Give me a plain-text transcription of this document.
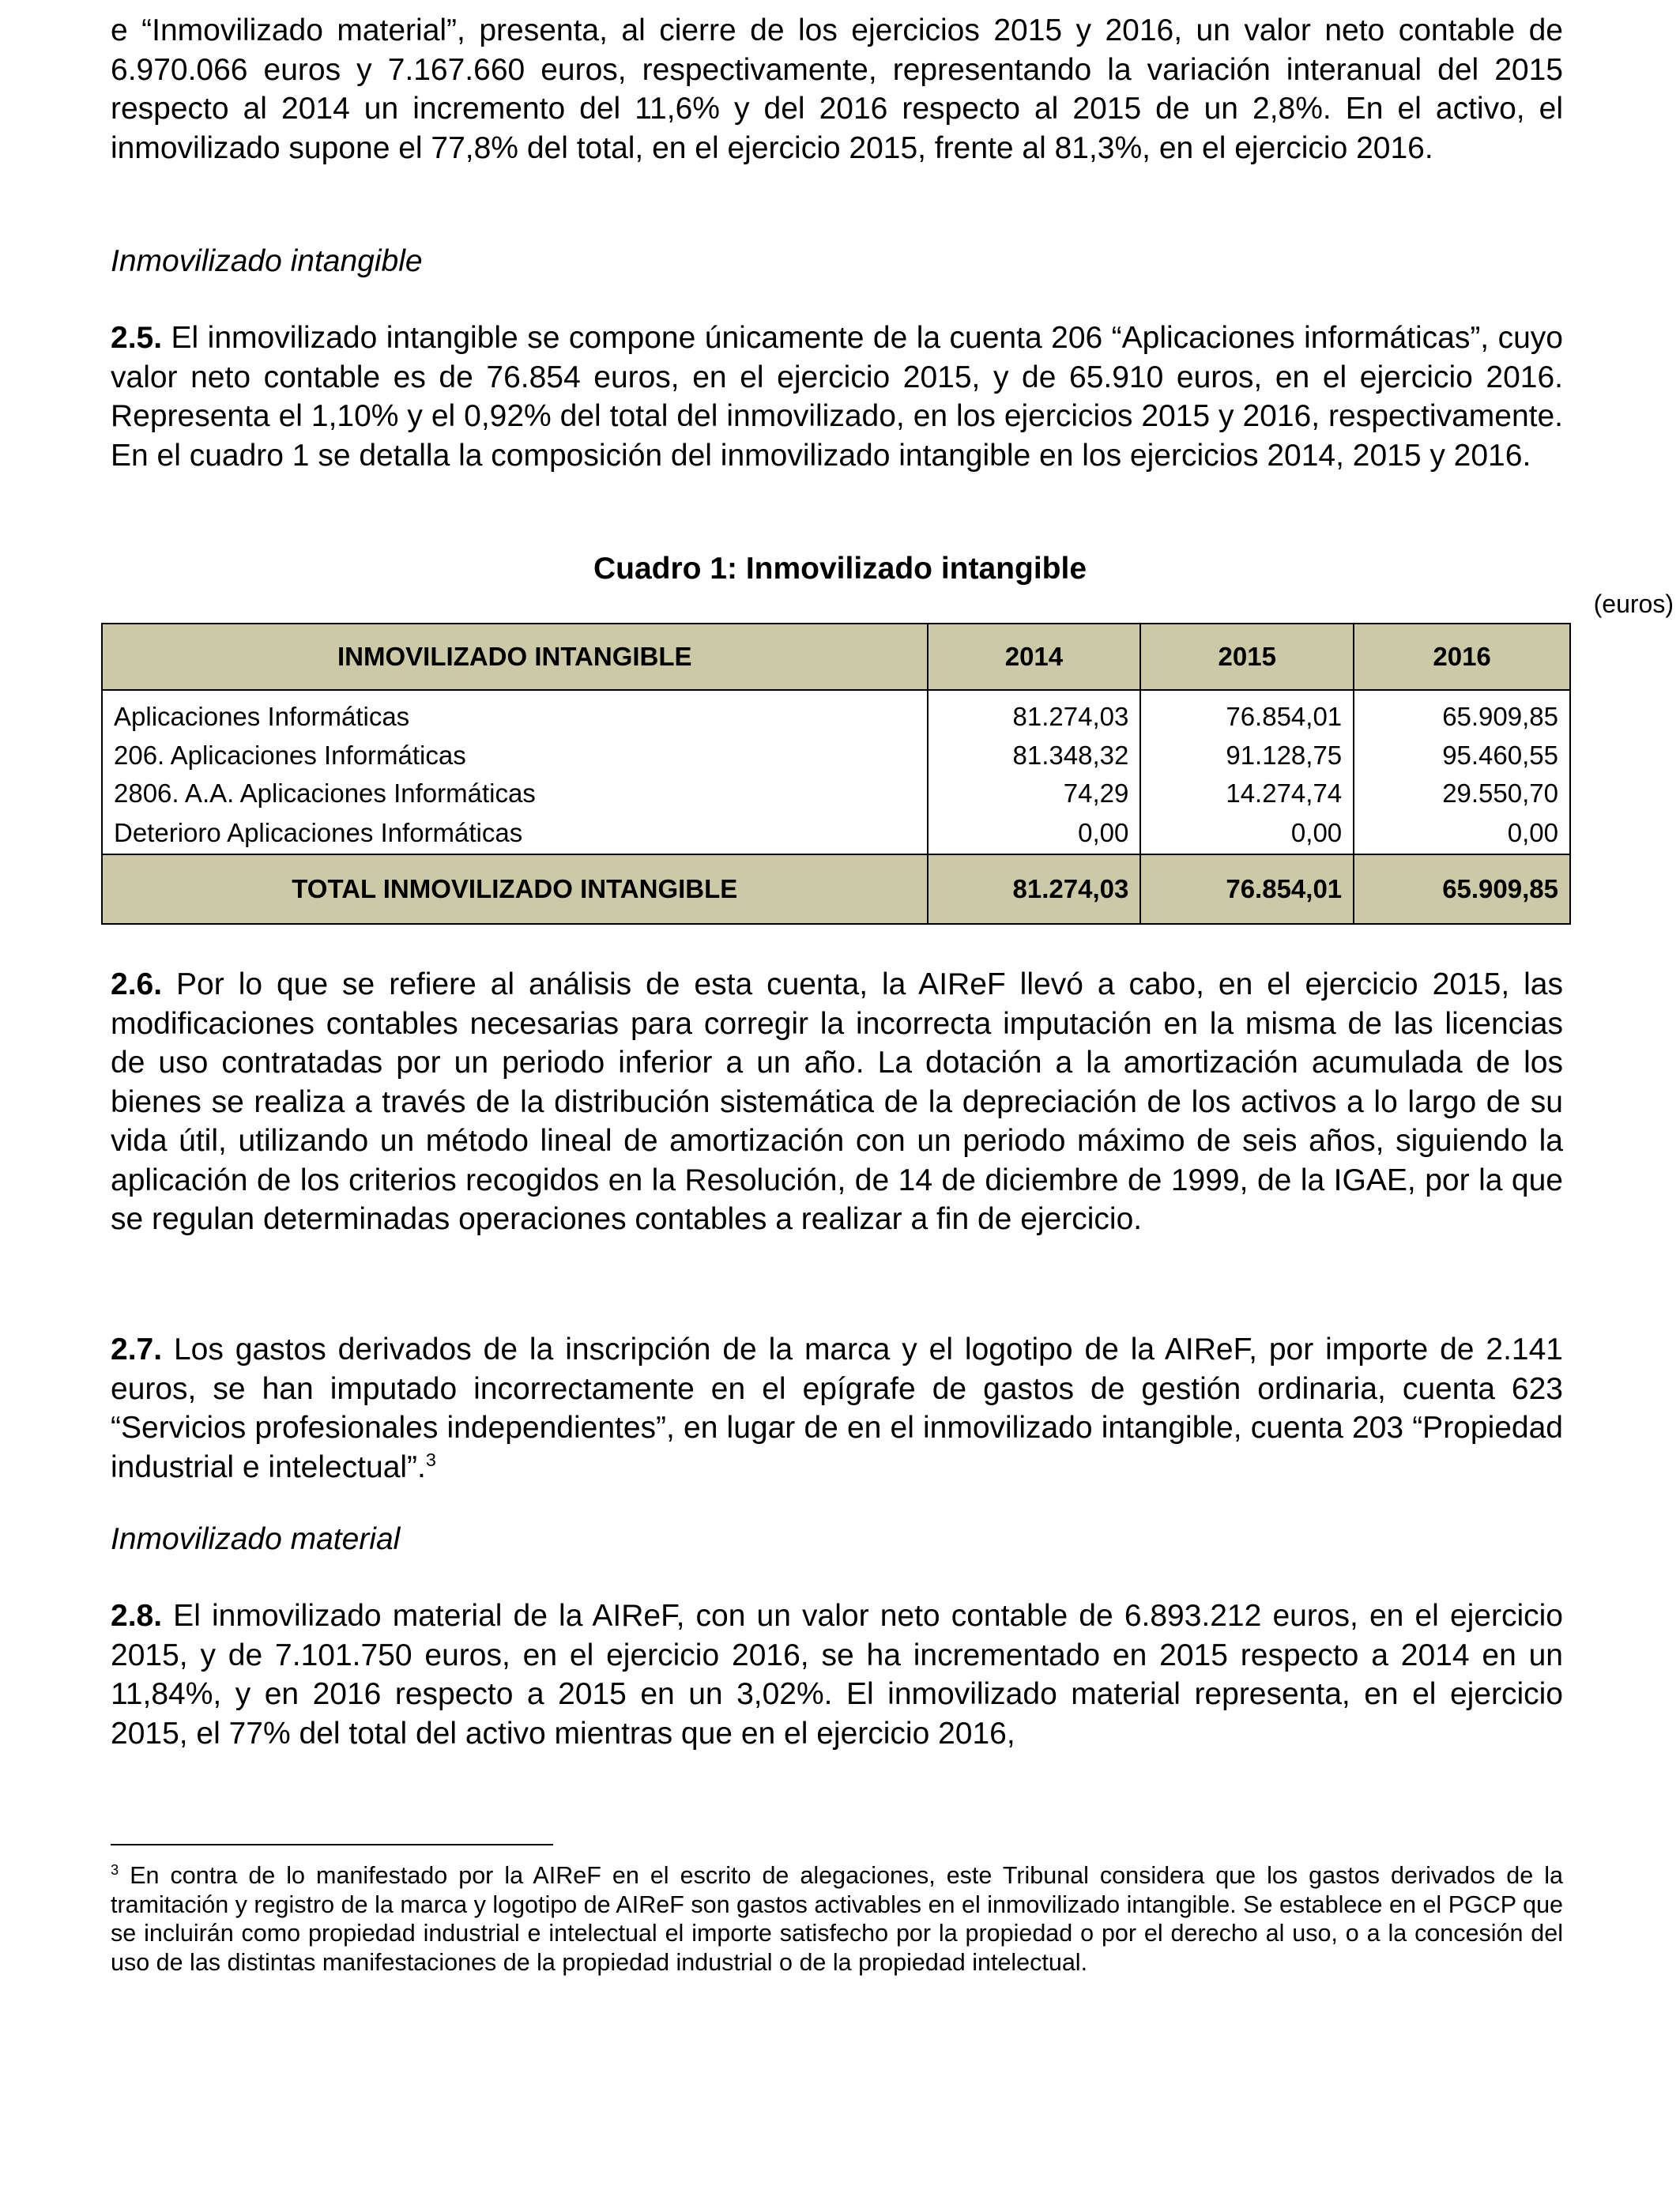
e “Inmovilizado material”, presenta, al cierre de los ejercicios 2015 y 2016, un valor neto contable de 6.970.066 euros y 7.167.660 euros, respectivamente, representando la variación interanual del 2015 respecto al 2014 un incremento del 11,6% y del 2016 respecto al 2015 de un 2,8%. En el activo, el inmovilizado supone el 77,8% del total, en el ejercicio 2015, frente al 81,3%, en el ejercicio 2016.

Inmovilizado intangible

2.5. El inmovilizado intangible se compone únicamente de la cuenta 206 “Aplicaciones informáticas”, cuyo valor neto contable es de 76.854 euros, en el ejercicio 2015, y de 65.910 euros, en el ejercicio 2016. Representa el 1,10% y el 0,92% del total del inmovilizado, en los ejercicios 2015 y 2016, respectivamente. En el cuadro 1 se detalla la composición del inmovilizado intangible en los ejercicios 2014, 2015 y 2016.

Cuadro 1: Inmovilizado intangible

(euros)

2.6. Por lo que se refiere al análisis de esta cuenta, la AIReF llevó a cabo, en el ejercicio 2015, las modificaciones contables necesarias para corregir la incorrecta imputación en la misma de las licencias de uso contratadas por un periodo inferior a un año. La dotación a la amortización acumulada de los bienes se realiza a través de la distribución sistemática de la depreciación de los activos a lo largo de su vida útil, utilizando un método lineal de amortización con un periodo máximo de seis años, siguiendo la aplicación de los criterios recogidos en la Resolución, de 14 de diciembre de 1999, de la IGAE, por la que se regulan determinadas operaciones contables a realizar a fin de ejercicio.

2.7. Los gastos derivados de la inscripción de la marca y el logotipo de la AIReF, por importe de 2.141 euros, se han imputado incorrectamente en el epígrafe de gastos de gestión ordinaria, cuenta 623 “Servicios profesionales independientes”, en lugar de en el inmovilizado intangible, cuenta 203 “Propiedad industrial e intelectual”.$^3$

Inmovilizado material

2.8. El inmovilizado material de la AIReF, con un valor neto contable de 6.893.212 euros, en el ejercicio 2015, y de 7.101.750 euros, en el ejercicio 2016, se ha incrementado en 2015 respecto a 2014 en un 11,84%, y en 2016 respecto a 2015 en un 3,02%. El inmovilizado material representa, en el ejercicio 2015, el 77% del total del activo mientras que en el ejercicio 2016,

INMOVILIZADO INTANGIBLE	2014	2015	2016
Aplicaciones Informáticas	81.274,03	76.854,01	65.909,85
206. Aplicaciones Informáticas	81.348,32	91.128,75	95.460,55
2806. A.A. Aplicaciones Informáticas	74,29	14.274,74	29.550,70
Deterioro Aplicaciones Informáticas	0,00	0,00	0,00
TOTAL INMOVILIZADO INTANGIBLE	81.274,03	76.854,01	65.909,85

$^3$ En contra de lo manifestado por la AIReF en el escrito de alegaciones, este Tribunal considera que los gastos derivados de la tramitación y registro de la marca y logotipo de AIReF son gastos activables en el inmovilizado intangible. Se establece en el PGCP que se incluirán como propiedad industrial e intelectual el importe satisfecho por la propiedad o por el derecho al uso, o a la concesión del uso de las distintas manifestaciones de la propiedad industrial o de la propiedad intelectual.
